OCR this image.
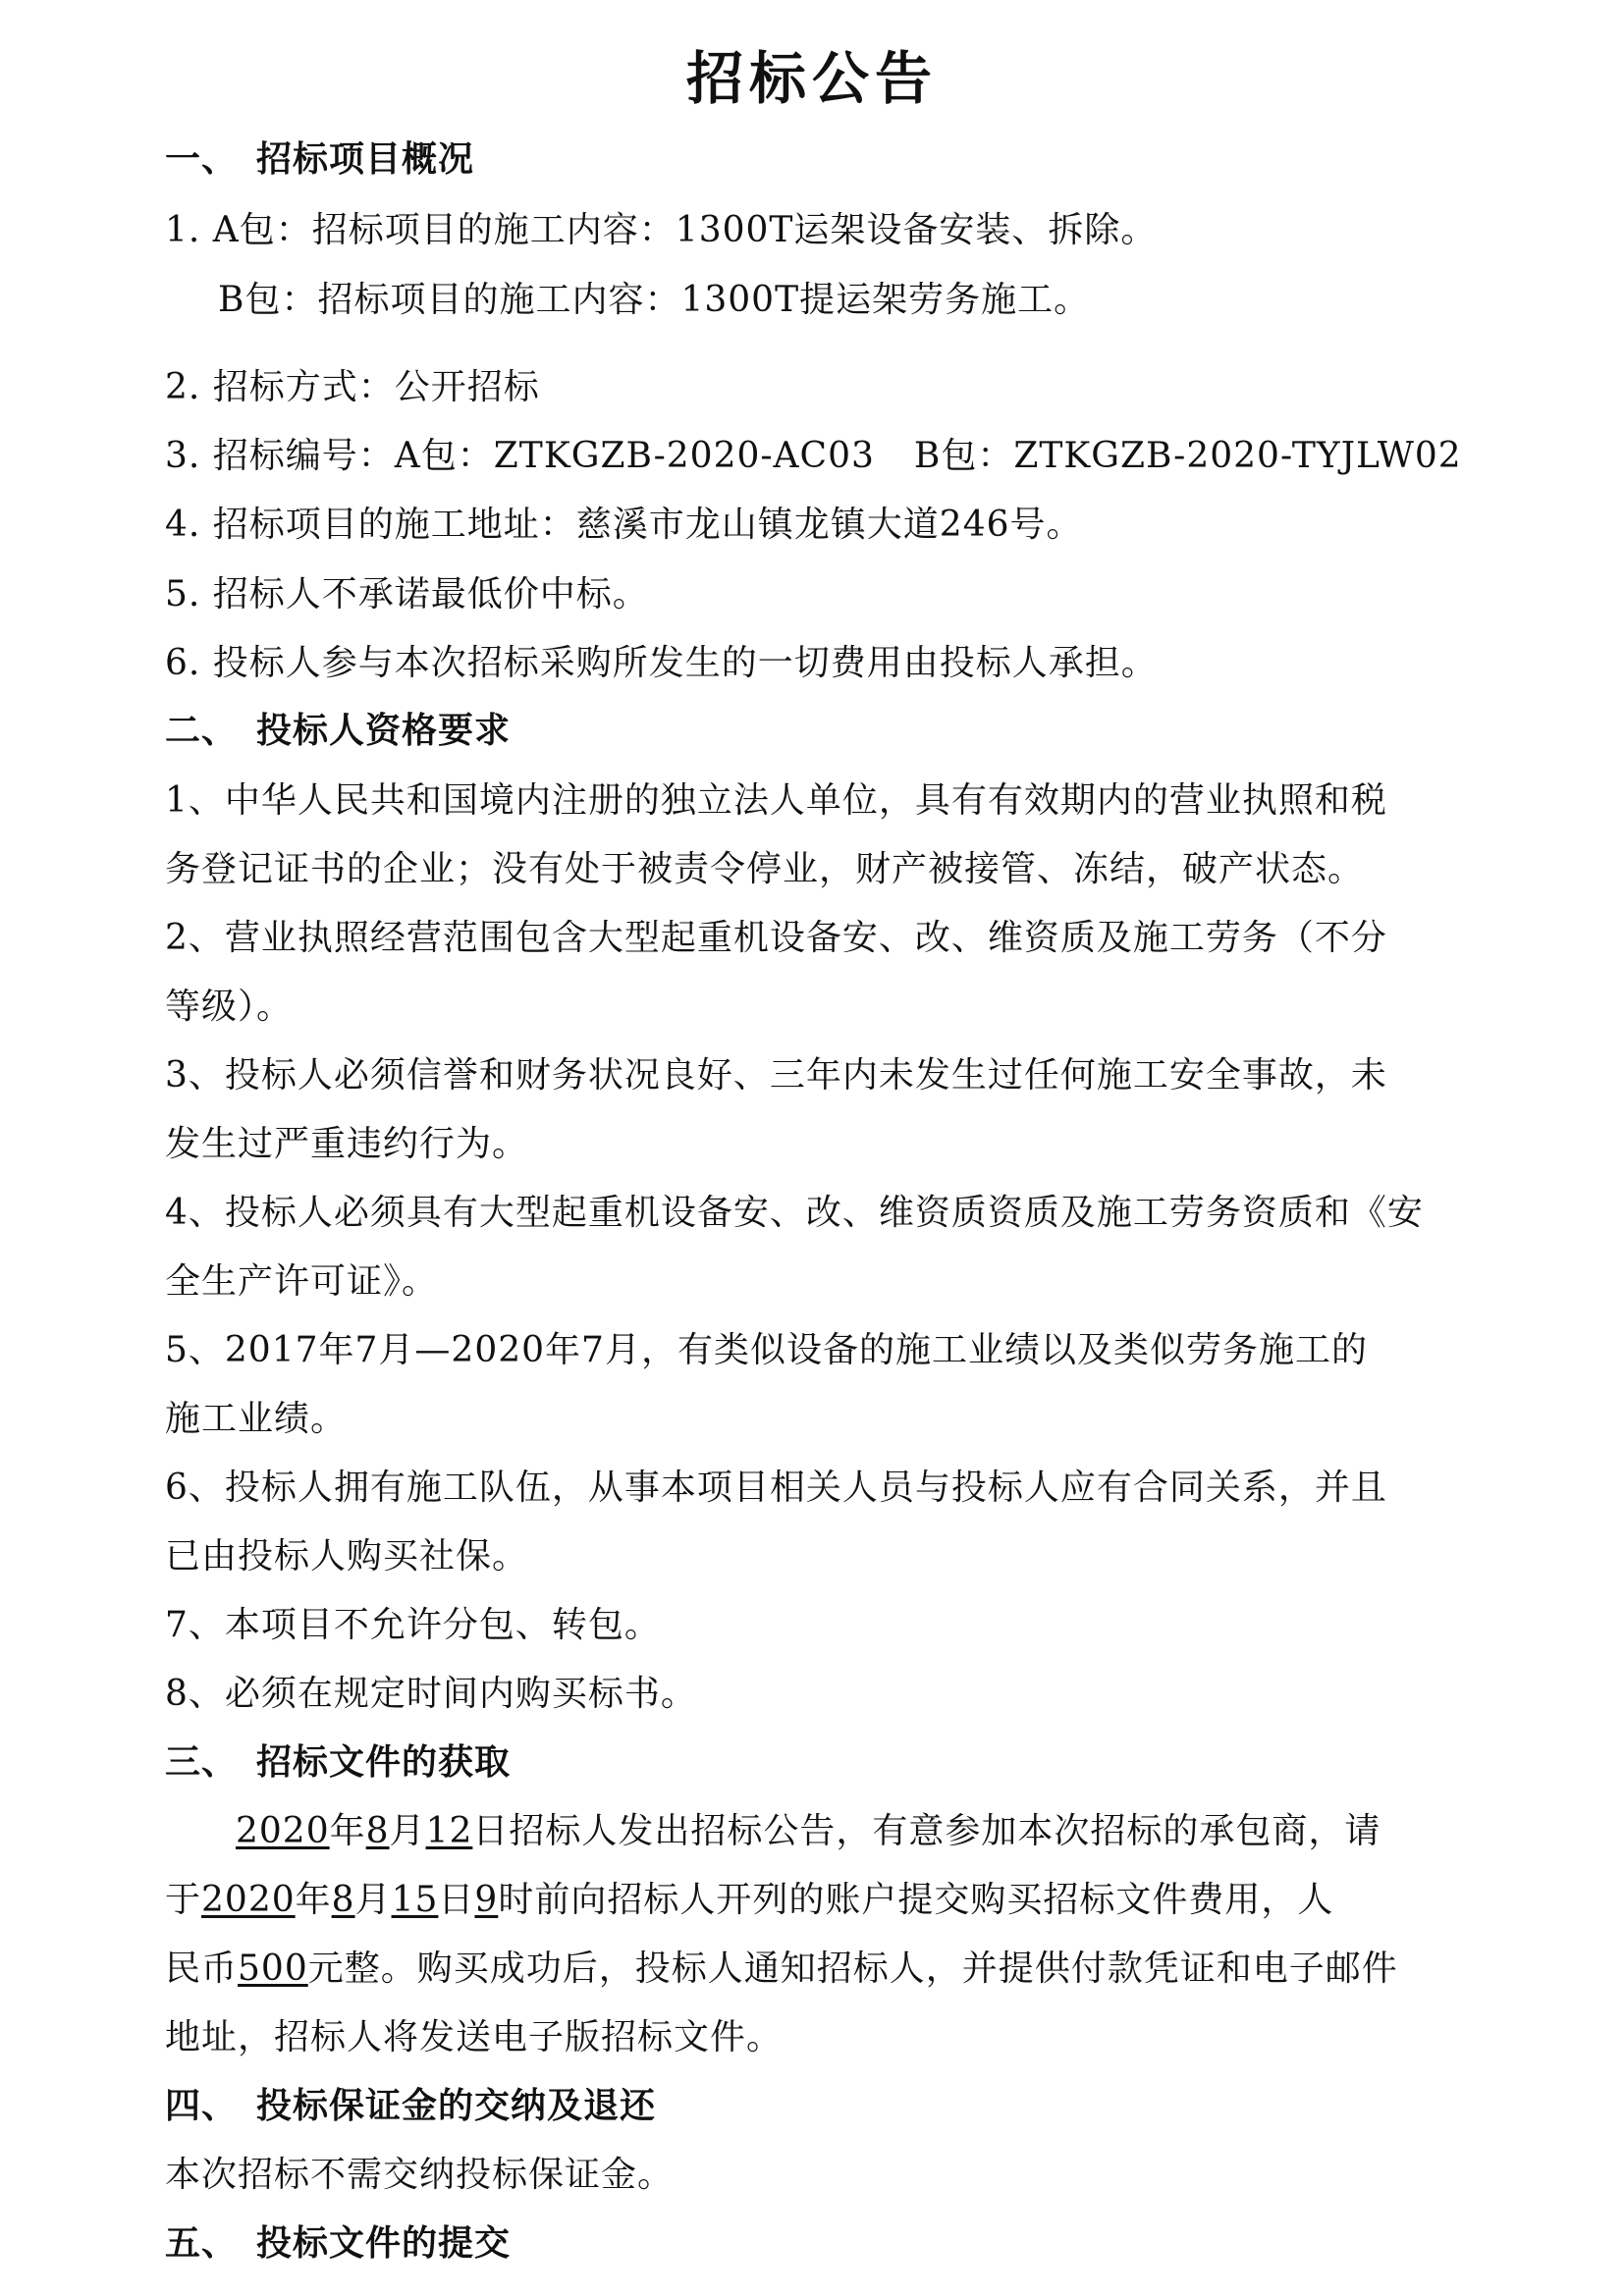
招标公告
一、　招标项目概况
1. A包：招标项目的施工内容：1300T运架设备安装、拆除。
B包：招标项目的施工内容：1300T提运架劳务施工。
2. 招标方式：公开招标
3. 招标编号：A包：ZTKGZB-2020-AC03 B包：ZTKGZB-2020-TYJLW02
4. 招标项目的施工地址：慈溪市龙山镇龙镇大道246号。
5. 招标人不承诺最低价中标。
6. 投标人参与本次招标采购所发生的一切费用由投标人承担。
二、　投标人资格要求
1、中华人民共和国境内注册的独立法人单位，具有有效期内的营业执照和税
务登记证书的企业；没有处于被责令停业，财产被接管、冻结，破产状态。
2、营业执照经营范围包含大型起重机设备安、改、维资质及施工劳务（不分
等级）。
3、投标人必须信誉和财务状况良好、三年内未发生过任何施工安全事故，未
发生过严重违约行为。
4、投标人必须具有大型起重机设备安、改、维资质资质及施工劳务资质和《安
全生产许可证》。
5、2017年7月—2020年7月，有类似设备的施工业绩以及类似劳务施工的
施工业绩。
6、投标人拥有施工队伍，从事本项目相关人员与投标人应有合同关系，并且
已由投标人购买社保。
7、本项目不允许分包、转包。
8、必须在规定时间内购买标书。
三、　招标文件的获取
2020年8月12日招标人发出招标公告，有意参加本次招标的承包商，请
于2020年8月15日9时前向招标人开列的账户提交购买招标文件费用，人
民币500元整。购买成功后，投标人通知招标人，并提供付款凭证和电子邮件
地址，招标人将发送电子版招标文件。
四、　投标保证金的交纳及退还
本次招标不需交纳投标保证金。
五、　投标文件的提交
